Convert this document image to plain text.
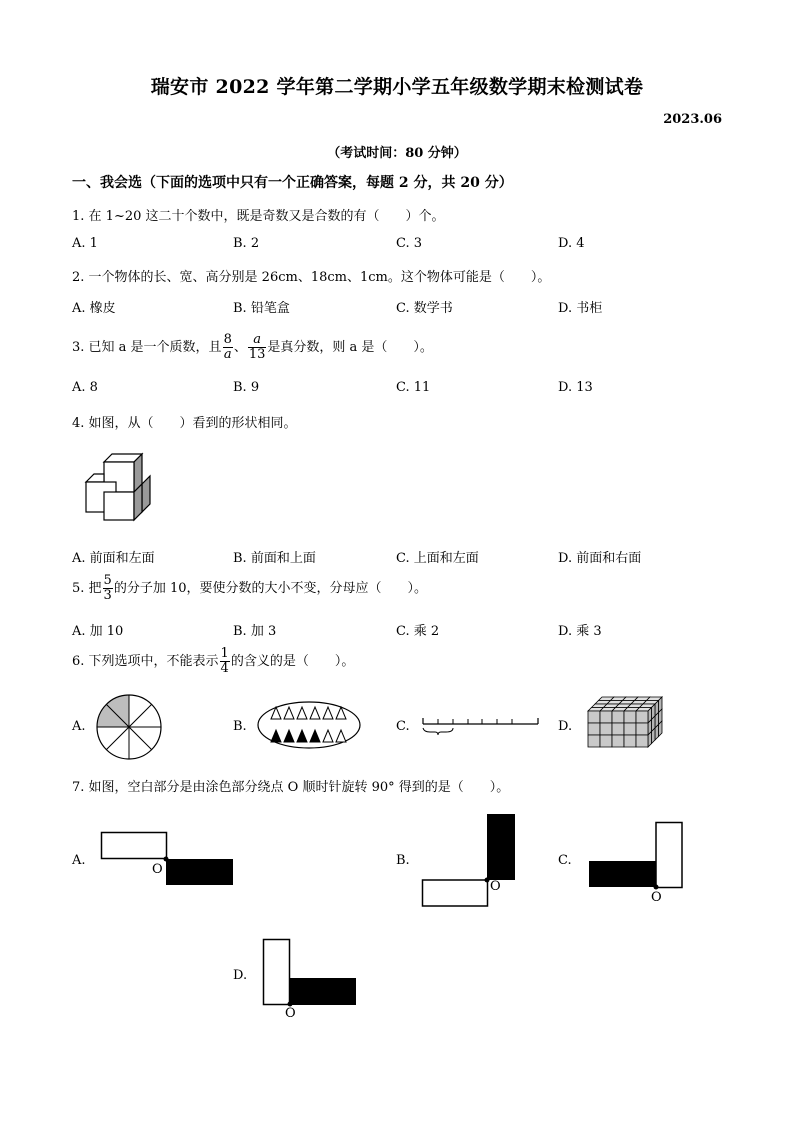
瑞安市 2022 学年第二学期小学五年级数学期末检测试卷
2023.06
（考试时间：80 分钟）
一、我会选（下面的选项中只有一个正确答案，每题 2 分，共 20 分）
1. 在 1~20 这二十个数中，既是奇数又是合数的有（　　）个。
A. 1	B. 2	C. 3	D. 4
2. 一个物体的长、宽、高分别是 26cm、18cm、1cm。这个物体可能是（　　）。
A. 橡皮	B. 铅笔盒	C. 数学书	D. 书柜
3. 已知 a 是一个质数，且 $\frac{8}{a}$ 、 $\frac{a}{13}$ 是真分数，则 a 是（　　）。
A. 8	B. 9	C. 11	D. 13
4. 如图，从（　　）看到的形状相同。
A. 前面和左面	B. 前面和上面	C. 上面和左面	D. 前面和右面
5. 把 $\frac{5}{3}$ 的分子加 10，要使分数的大小不变，分母应（　　）。
A. 加 10	B. 加 3	C. 乘 2	D. 乘 3
6. 下列选项中，不能表示 $\frac{1}{4}$ 的含义的是（　　）。
A.	B.	C.	D.
7. 如图，空白部分是由涂色部分绕点 O 顺时针旋转 90° 得到的是（　　）。
A.
O
B.
O
C.
O
D.
O
